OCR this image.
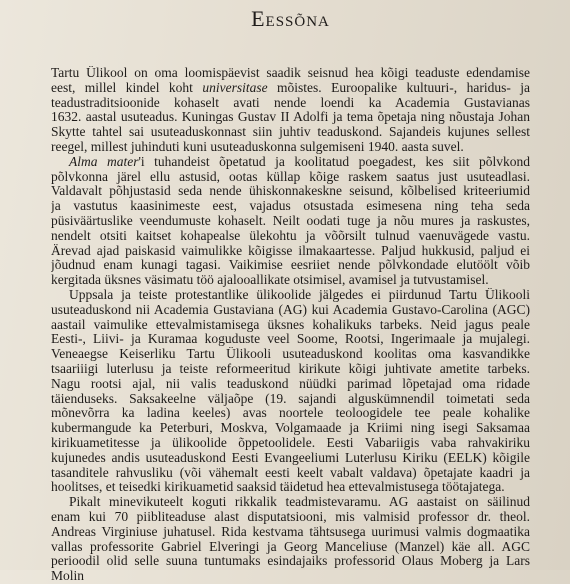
Eessõna
Tartu Ülikool on oma loomispäevist saadik seisnud hea kõigi teaduste edendamise
eest, millel kindel koht universitase mõistes. Euroopalike kultuuri-, haridus- ja
teadustraditsioonide kohaselt avati nende loendi ka Academia Gustavianas
1632. aastal usuteadus. Kuningas Gustav II Adolfi ja tema õpetaja ning nõustaja Johan
Skytte tahtel sai usuteaduskonnast siin juhtiv teaduskond. Sajandeis kujunes sellest
reegel, millest juhinduti kuni usuteaduskonna sulgemiseni 1940. aasta suvel.
Alma mater'i tuhandeist õpetatud ja koolitatud poegadest, kes siit põlvkond
põlvkonna järel ellu astusid, ootas küllap kõige raskem saatus just usuteadlasi.
Valdavalt põhjustasid seda nende ühiskonnakeskne seisund, kõlbelised kriteeriumid
ja vastutus kaasinimeste eest, vajadus otsustada esimesena ning teha seda
püsiväärtuslike veendumuste kohaselt. Neilt oodati tuge ja nõu mures ja raskustes,
nendelt otsiti kaitset kohapealse ülekohtu ja võõrsilt tulnud vaenuvägede vastu.
Ärevad ajad paiskasid vaimulikke kõigisse ilmakaartesse. Paljud hukkusid, paljud ei
jõudnud enam kunagi tagasi. Vaikimise eesriiet nende põlvkondade elutöölt võib
kergitada üksnes väsimatu töö ajalooallikate otsimisel, avamisel ja tutvustamisel.
Uppsala ja teiste protestantlike ülikoolide jälgedes ei piirdunud Tartu Ülikooli
usuteaduskond nii Academia Gustaviana (AG) kui Academia Gustavo-Carolina (AGC)
aastail vaimulike ettevalmistamisega üksnes kohalikuks tarbeks. Neid jagus peale
Eesti-, Liivi- ja Kuramaa koguduste veel Soome, Rootsi, Ingerimaale ja mujalegi.
Veneaegse Keiserliku Tartu Ülikooli usuteaduskond koolitas oma kasvandikke
tsaariiigi luterlusu ja teiste reformeeritud kirikute kõigi juhtivate ametite tarbeks.
Nagu rootsi ajal, nii valis teaduskond nüüdki parimad lõpetajad oma ridade
täienduseks. Saksakeelne väljaõpe (19. sajandi alguskümnendil toimetati seda
mõnevõrra ka ladina keeles) avas noortele teoloogidele tee peale kohalike
kubermangude ka Peterburi, Moskva, Volgamaade ja Kriimi ning isegi Saksamaa
kirikuametitesse ja ülikoolide õppetoolidele. Eesti Vabariigis vaba rahvakiriku
kujunedes andis usuteaduskond Eesti Evangeeliumi Luterlusu Kiriku (EELK) kõigile
tasanditele rahvusliku (või vähemalt eesti keelt vabalt valdava) õpetajate kaadri ja
hoolitses, et teisedki kirikuametid saaksid täidetud hea ettevalmistusega töötajatega.
Pikalt minevikuteelt koguti rikkalik teadmistevaramu. AG aastaist on säilinud
enam kui 70 piibliteaduse alast disputatsiooni, mis valmisid professor dr. theol.
Andreas Virginiuse juhatusel. Rida kestvama tähtsusega uurimusi valmis dogmaatika
vallas professorite Gabriel Elveringi ja Georg Manceliuse (Manzel) käe all. AGC
perioodil olid selle suuna tuntumaks esindajaiks professorid Olaus Moberg ja Lars
Molin
